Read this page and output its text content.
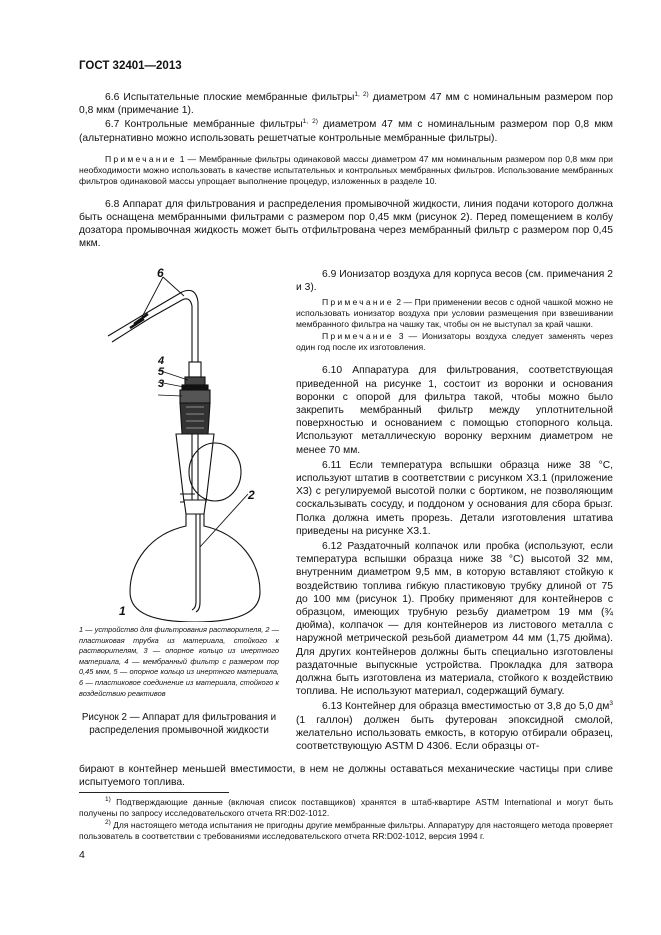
ГОСТ 32401—2013

6.6 Испытательные плоские мембранные фильтры$^{1, 2)}$ диаметром 47 мм с номинальным размером пор 0,8 мкм (примечание 1).

6.7 Контрольные мембранные фильтры$^{1, 2)}$ диаметром 47 мм с номинальным размером пор 0,8 мкм (альтернативно можно использовать решетчатые контрольные мембранные фильтры).

Примечание 1 — Мембранные фильтры одинаковой массы диаметром 47 мм номинальным размером пор 0,8 мкм при необходимости можно использовать в качестве испытательных и контрольных мембранных фильтров. Использование мембранных фильтров одинаковой массы упрощает выполнение процедур, изложенных в разделе 10.

6.8 Аппарат для фильтрования и распределения промывочной жидкости, линия подачи которого должна быть оснащена мембранными фильтрами с размером пор 0,45 мкм (рисунок 2). Перед помещением в колбу дозатора промывочная жидкость может быть отфильтрована через мембранный фильтр с размером пор 0,45 мкм.

6
4
5
3
2
1
1 — устройство для фильтрования растворителя, 2 — пластиковая трубка из материала, стойкого к растворителям, 3 — опорное кольцо из инертного материала, 4 — мембранный фильтр с размером пор 0,45 мкм, 5 — опорное кольцо из инертного материала, 6 — пластиковое соединение из материала, стойкого к воздействию реактивов
Рисунок 2 — Аппарат для фильтрования и распределения промывочной жидкости

6.9 Ионизатор воздуха для корпуса весов (см. примечания 2 и 3).

Примечание 2 — При применении весов с одной чашкой можно не использовать ионизатор воздуха при условии размещения при взвешивании мембранного фильтра на чашку так, чтобы он не выступал за край чашки.

Примечание 3 — Ионизаторы воздуха следует заменять через один год после их изготовления.

6.10 Аппаратура для фильтрования, соответствующая приведенной на рисунке 1, состоит из воронки и основания воронки с опорой для фильтра такой, чтобы можно было закрепить мембранный фильтр между уплотнительной поверхностью и основанием с помощью стопорного кольца. Используют металлическую воронку верхним диаметром не менее 70 мм.

6.11 Если температура вспышки образца ниже 38 °С, используют штатив в соответствии с рисунком Х3.1 (приложение Х3) с регулируемой высотой полки с бортиком, не позволяющим соскальзывать сосуду, и поддоном у основания для сбора брызг. Полка должна иметь прорезь. Детали изготовления штатива приведены на рисунке Х3.1.

6.12 Раздаточный колпачок или пробка (используют, если температура вспышки образца ниже 38 °С) высотой 32 мм, внутренним диаметром 9,5 мм, в которую вставляют стойкую к воздействию топлива гибкую пластиковую трубку длиной от 75 до 100 мм (рисунок 1). Пробку применяют для контейнеров с образцом, имеющих трубную резьбу диаметром 19 мм (¾ дюйма), колпачок — для контейнеров из листового металла с наружной метрической резьбой диаметром 44 мм (1,75 дюйма). Для других контейнеров должны быть специально изготовлены раздаточные выпускные устройства. Прокладка для затвора должна быть изготовлена из материала, стойкого к воздействию топлива. Не используют материал, содержащий бумагу.

6.13 Контейнер для образца вместимостью от 3,8 до 5,0 $дм^3$ (1 галлон) должен быть футерован эпоксидной смолой, желательно использовать емкость, в которую отбирали образец, соответствующую ASTM D 4306. Если образцы от-

бирают в контейнер меньшей вместимости, в нем не должны оставаться механические частицы при сливе испытуемого топлива.
$^{1)}$ Подтверждающие данные (включая список поставщиков) хранятся в штаб-квартире ASTM International и могут быть получены по запросу исследовательского отчета RR:D02-1012.
$^{2)}$ Для настоящего метода испытания не пригодны другие мембранные фильтры. Аппаратуру для настоящего метода проверяет пользователь в соответствии с требованиями исследовательского отчета RR:D02-1012, версия 1994 г.
4
